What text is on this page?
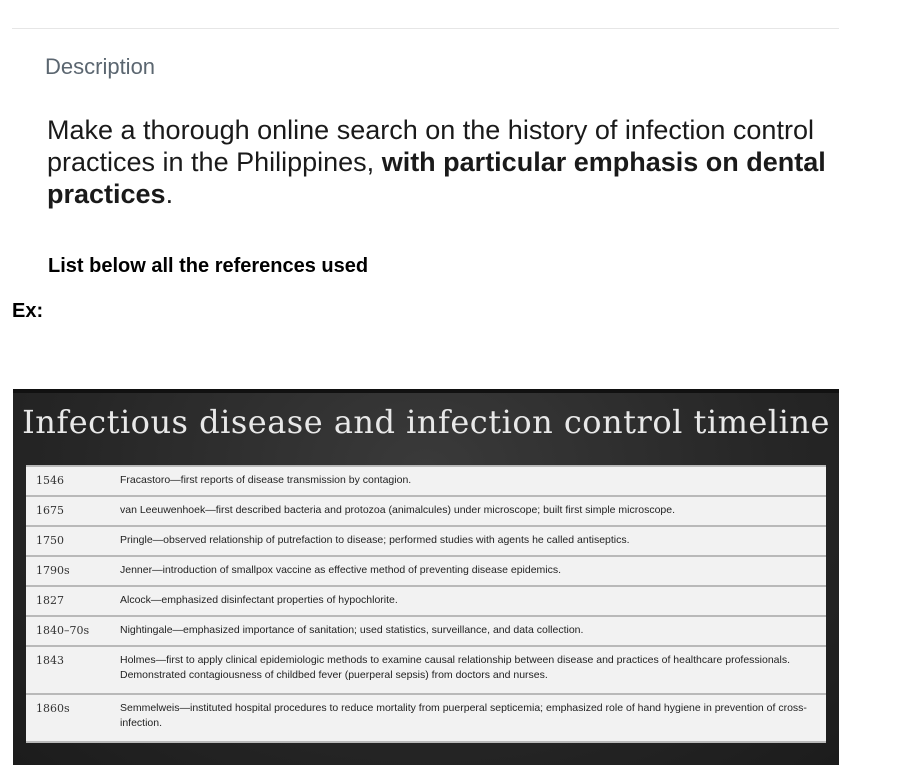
Description
Make a thorough online search on the history of infection control practices in the Philippines, with particular emphasis on dental practices.
List below all the references used
Ex:
Infectious disease and infection control timeline
1546	Fracastoro—first reports of disease transmission by contagion.
1675	van Leeuwenhoek—first described bacteria and protozoa (animalcules) under microscope; built first simple microscope.
1750	Pringle—observed relationship of putrefaction to disease; performed studies with agents he called antiseptics.
1790s	Jenner—introduction of smallpox vaccine as effective method of preventing disease epidemics.
1827	Alcock—emphasized disinfectant properties of hypochlorite.
1840–70s	Nightingale—emphasized importance of sanitation; used statistics, surveillance, and data collection.
1843	Holmes—first to apply clinical epidemiologic methods to examine causal relationship between disease and practices of healthcare professionals. Demonstrated contagiousness of childbed fever (puerperal sepsis) from doctors and nurses.
1860s	Semmelweis—instituted hospital procedures to reduce mortality from puerperal septicemia; emphasized role of hand hygiene in prevention of cross-infection.
